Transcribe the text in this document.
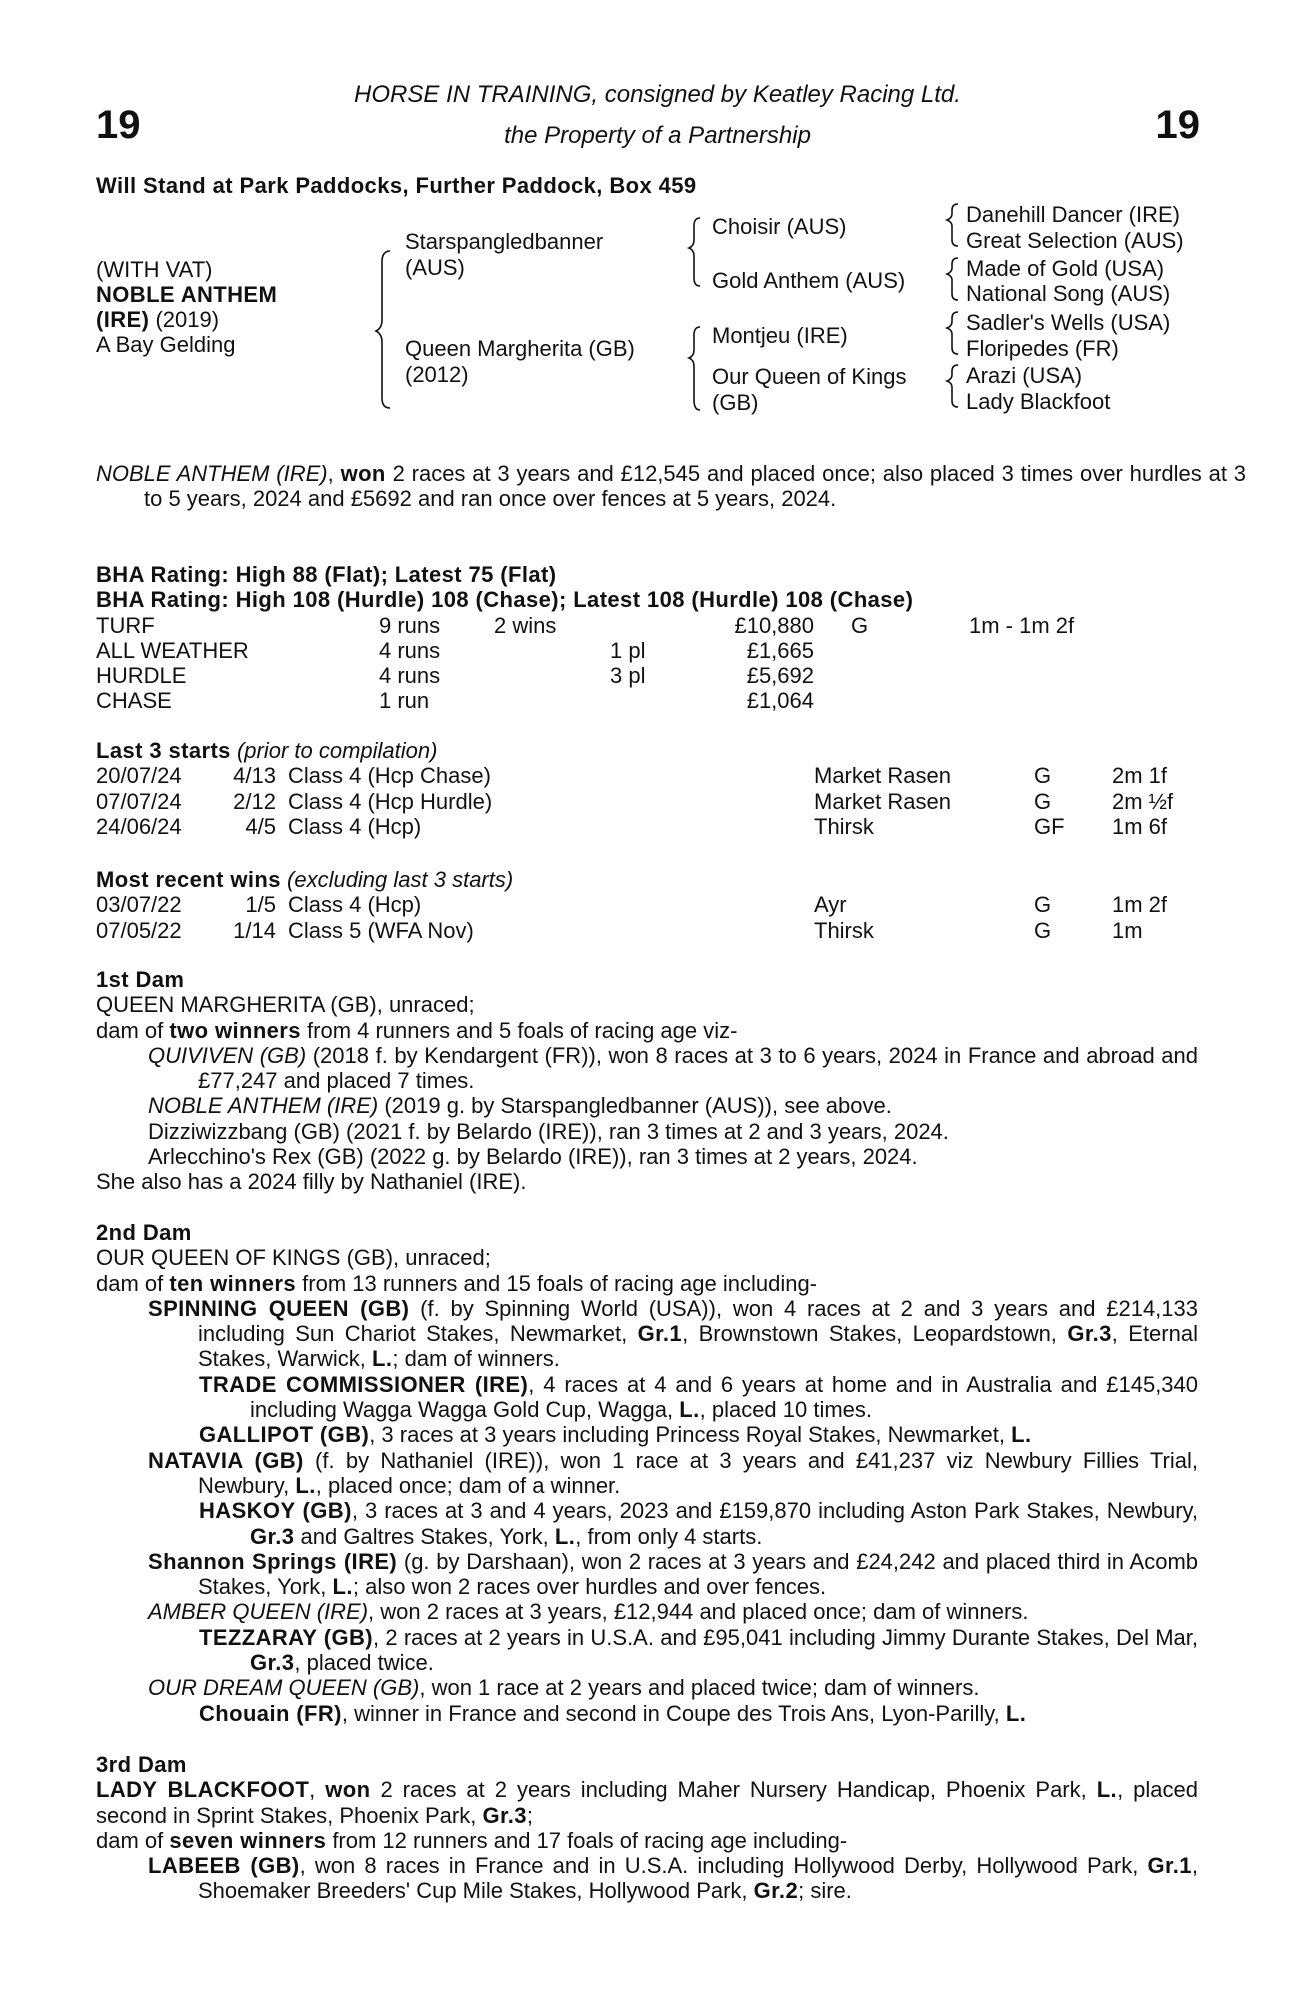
HORSE IN TRAINING, consigned by Keatley Racing Ltd.
the Property of a Partnership
19	19
Will Stand at Park Paddocks, Further Paddock, Box 459
(WITH VAT)
NOBLE ANTHEM
(IRE) (2019)
A Bay Gelding
Starspangledbanner
(AUS)
Queen Margherita (GB)
(2012)
Choisir (AUS)
Gold Anthem (AUS)
Montjeu (IRE)
Our Queen of Kings
(GB)
Danehill Dancer (IRE)
Great Selection (AUS)
Made of Gold (USA)
National Song (AUS)
Sadler's Wells (USA)
Floripedes (FR)
Arazi (USA)
Lady Blackfoot
NOBLE ANTHEM (IRE), won 2 races at 3 years and £12,545 and placed once; also placed 3 times over hurdles at 3 to 5 years, 2024 and £5692 and ran once over fences at 5 years, 2024.
BHA Rating: High 88 (Flat); Latest 75 (Flat)
BHA Rating: High 108 (Hurdle) 108 (Chase); Latest 108 (Hurdle) 108 (Chase)
TURF	9 runs 2 wins	£10,880 G	1m - 1m 2f
ALL WEATHER	4 runs	1 pl	£1,665
HURDLE	4 runs	3 pl	£5,692
CHASE	1 run	£1,064
Last 3 starts (prior to compilation)
20/07/24 4/13 Class 4 (Hcp Chase)	Market Rasen	G	2m 1f
07/07/24 2/12 Class 4 (Hcp Hurdle)	Market Rasen	G	2m ½f
24/06/24	4/5 Class 4 (Hcp)	Thirsk	GF 1m 6f
Most recent wins (excluding last 3 starts)
03/07/22	1/5 Class 4 (Hcp)	Ayr	G	1m 2f
07/05/22 1/14 Class 5 (WFA Nov)	Thirsk	G	1m
1st Dam
QUEEN MARGHERITA (GB), unraced;
dam of two winners from 4 runners and 5 foals of racing age viz-
QUIVIVEN (GB) (2018 f. by Kendargent (FR)), won 8 races at 3 to 6 years, 2024 in France and abroad and £77,247 and placed 7 times.
NOBLE ANTHEM (IRE) (2019 g. by Starspangledbanner (AUS)), see above.
Dizziwizzbang (GB) (2021 f. by Belardo (IRE)), ran 3 times at 2 and 3 years, 2024.
Arlecchino's Rex (GB) (2022 g. by Belardo (IRE)), ran 3 times at 2 years, 2024.
She also has a 2024 filly by Nathaniel (IRE).
2nd Dam
OUR QUEEN OF KINGS (GB), unraced;
dam of ten winners from 13 runners and 15 foals of racing age including-
SPINNING QUEEN (GB) (f. by Spinning World (USA)), won 4 races at 2 and 3 years and £214,133 including Sun Chariot Stakes, Newmarket, Gr.1, Brownstown Stakes, Leopardstown, Gr.3, Eternal Stakes, Warwick, L.; dam of winners.
TRADE COMMISSIONER (IRE), 4 races at 4 and 6 years at home and in Australia and £145,340 including Wagga Wagga Gold Cup, Wagga, L., placed 10 times.
GALLIPOT (GB), 3 races at 3 years including Princess Royal Stakes, Newmarket, L.
NATAVIA (GB) (f. by Nathaniel (IRE)), won 1 race at 3 years and £41,237 viz Newbury Fillies Trial, Newbury, L., placed once; dam of a winner.
HASKOY (GB), 3 races at 3 and 4 years, 2023 and £159,870 including Aston Park Stakes, Newbury, Gr.3 and Galtres Stakes, York, L., from only 4 starts.
Shannon Springs (IRE) (g. by Darshaan), won 2 races at 3 years and £24,242 and placed third in Acomb Stakes, York, L.; also won 2 races over hurdles and over fences.
AMBER QUEEN (IRE), won 2 races at 3 years, £12,944 and placed once; dam of winners.
TEZZARAY (GB), 2 races at 2 years in U.S.A. and £95,041 including Jimmy Durante Stakes, Del Mar, Gr.3, placed twice.
OUR DREAM QUEEN (GB), won 1 race at 2 years and placed twice; dam of winners.
Chouain (FR), winner in France and second in Coupe des Trois Ans, Lyon-Parilly, L.
3rd Dam
LADY BLACKFOOT, won 2 races at 2 years including Maher Nursery Handicap, Phoenix Park, L., placed second in Sprint Stakes, Phoenix Park, Gr.3;
dam of seven winners from 12 runners and 17 foals of racing age including-
LABEEB (GB), won 8 races in France and in U.S.A. including Hollywood Derby, Hollywood Park, Gr.1, Shoemaker Breeders' Cup Mile Stakes, Hollywood Park, Gr.2; sire.
